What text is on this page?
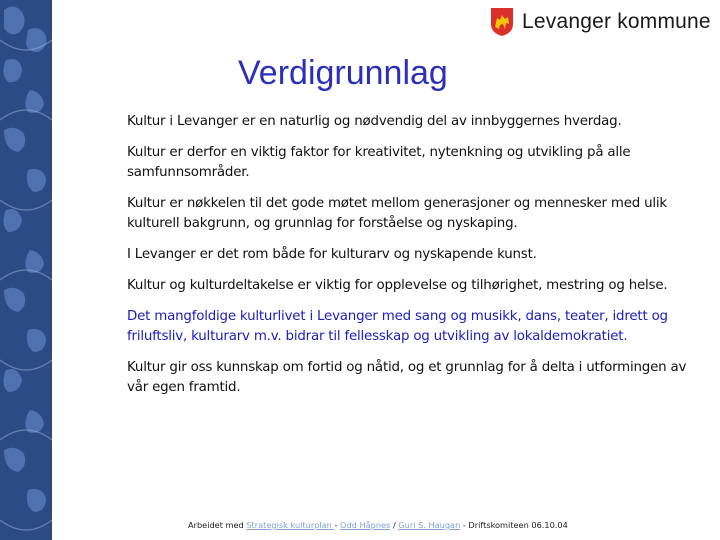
Levanger kommune
Verdigrunnlag

Kultur i Levanger er en naturlig og nødvendig del av innbyggernes hverdag.

Kultur er derfor en viktig faktor for kreativitet, nytenkning og utvikling på alle samfunnsområder.

Kultur er nøkkelen til det gode møtet mellom generasjoner og mennesker med ulik kulturell bakgrunn, og grunnlag for forståelse og nyskaping.

I Levanger er det rom både for kulturarv og nyskapende kunst.

Kultur og kulturdeltakelse er viktig for opplevelse og tilhørighet, mestring og helse.

Det mangfoldige kulturlivet i Levanger med sang og musikk, dans, teater, idrett og friluftsliv, kulturarv m.v. bidrar til fellesskap og utvikling av lokaldemokratiet.

Kultur gir oss kunnskap om fortid og nåtid, og et grunnlag for å delta i utformingen av vår egen framtid.

Arbeidet med Strategisk kulturplan - Odd Håpnes / Guri S. Haugan - Driftskomiteen 06.10.04
